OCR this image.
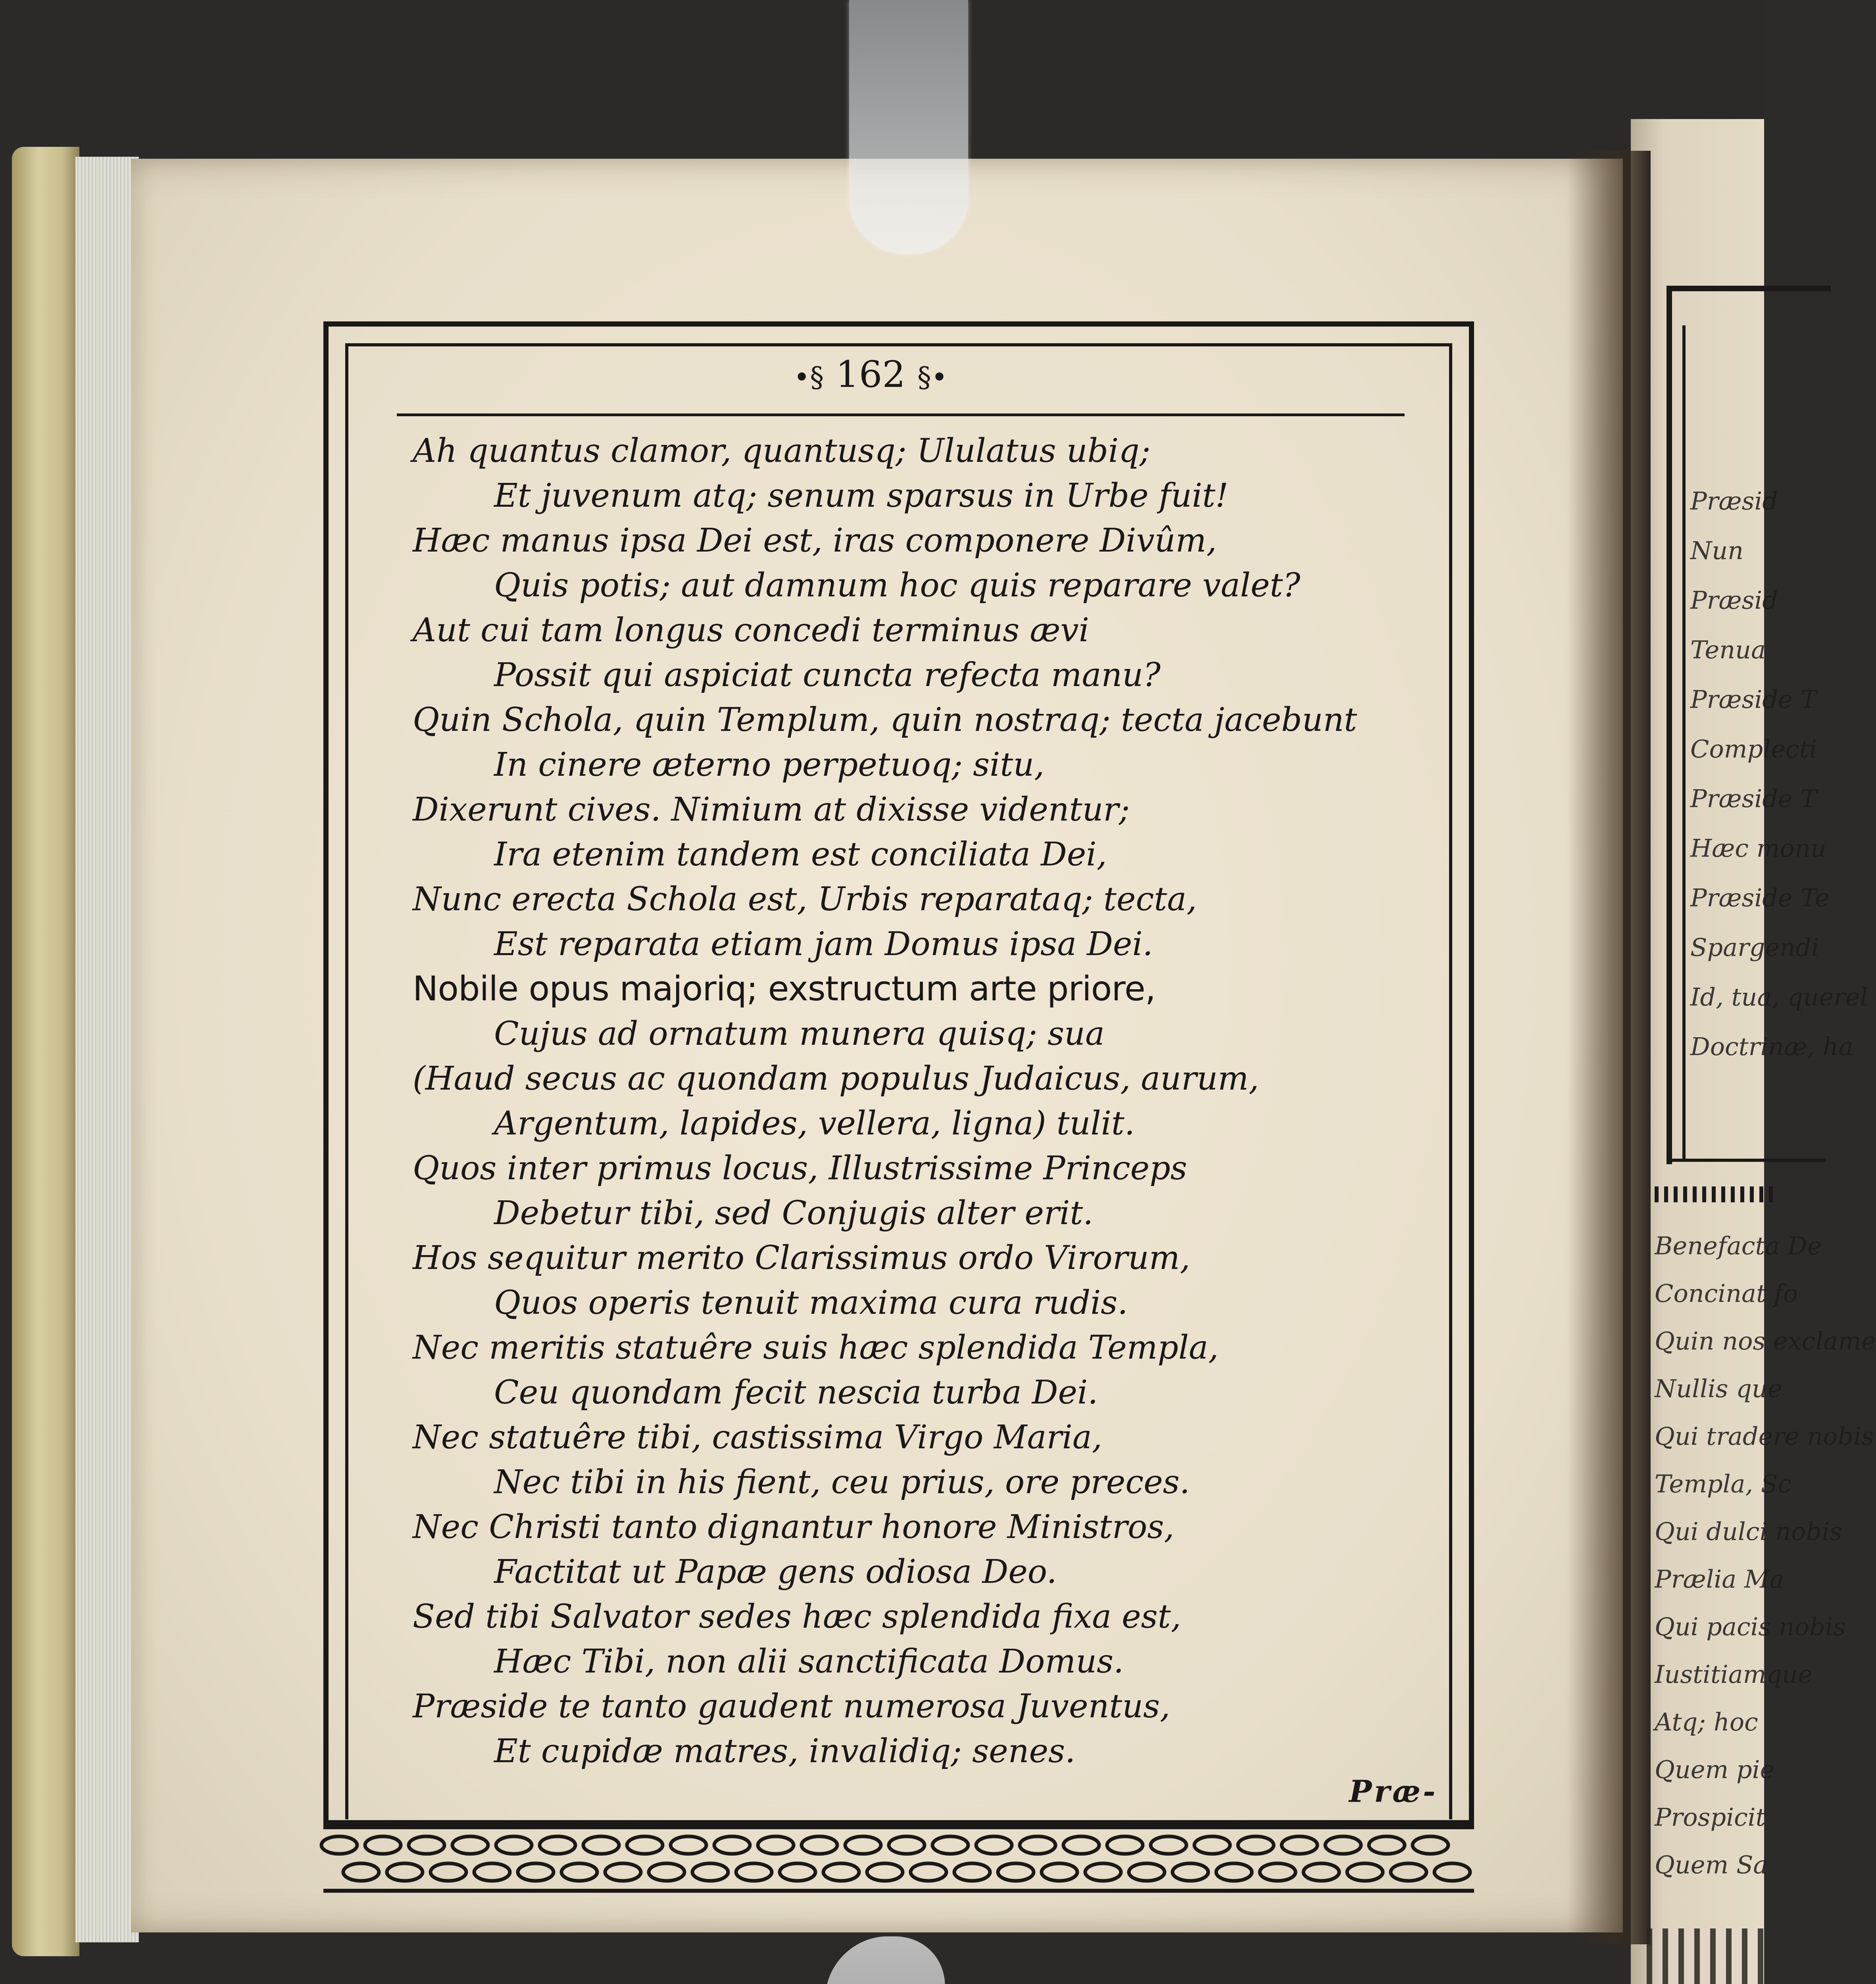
Præsid
Nun
Præsid
Tenua
Præside T
Complecti
Præside T
Hæc monu
Præside Te
Spargendi
Id, tua, querel
Doctrinæ, ha
Benefacta De
Concinat fo
Quin nos exclame
Nullis que
Qui tradere nobis
Templa, Sc
Qui dulci nobis
Prælia Ma
Qui pacis nobis
Iustitiamque
Atq; hoc
Quem pie
Prospicit
Quem Sa
•§ 162 §•
Ah quantus clamor, quantusq; Ululatus ubiq;
Et juvenum atq; senum sparsus in Urbe fuit!
Hæc manus ipsa Dei est, iras componere Divûm,
Quis potis; aut damnum hoc quis reparare valet?
Aut cui tam longus concedi terminus ævi
Possit qui aspiciat cuncta refecta manu?
Quin Schola, quin Templum, quin nostraq; tecta jacebunt
In cinere æterno perpetuoq; situ,
Dixerunt cives. Nimium at dixisse videntur;
Ira etenim tandem est conciliata Dei,
Nunc erecta Schola est, Urbis reparataq; tecta,
Est reparata etiam jam Domus ipsa Dei.
Nobile opus majoriq; exstructum arte priore,
Cujus ad ornatum munera quisq; sua
(Haud secus ac quondam populus Judaicus, aurum,
Argentum, lapides, vellera, ligna) tulit.
Quos inter primus locus, Illustrissime Princeps
Debetur tibi, sed Conjugis alter erit.
Hos sequitur merito Clarissimus ordo Virorum,
Quos operis tenuit maxima cura rudis.
Nec meritis statuêre suis hæc splendida Templa,
Ceu quondam fecit nescia turba Dei.
Nec statuêre tibi, castissima Virgo Maria,
Nec tibi in his fient, ceu prius, ore preces.
Nec Christi tanto dignantur honore Ministros,
Factitat ut Papæ gens odiosa Deo.
Sed tibi Salvator sedes hæc splendida fixa est,
Hæc Tibi, non alii sanctificata Domus.
Præside te tanto gaudent numerosa Juventus,
Et cupidæ matres, invalidiq; senes.
Præ-
